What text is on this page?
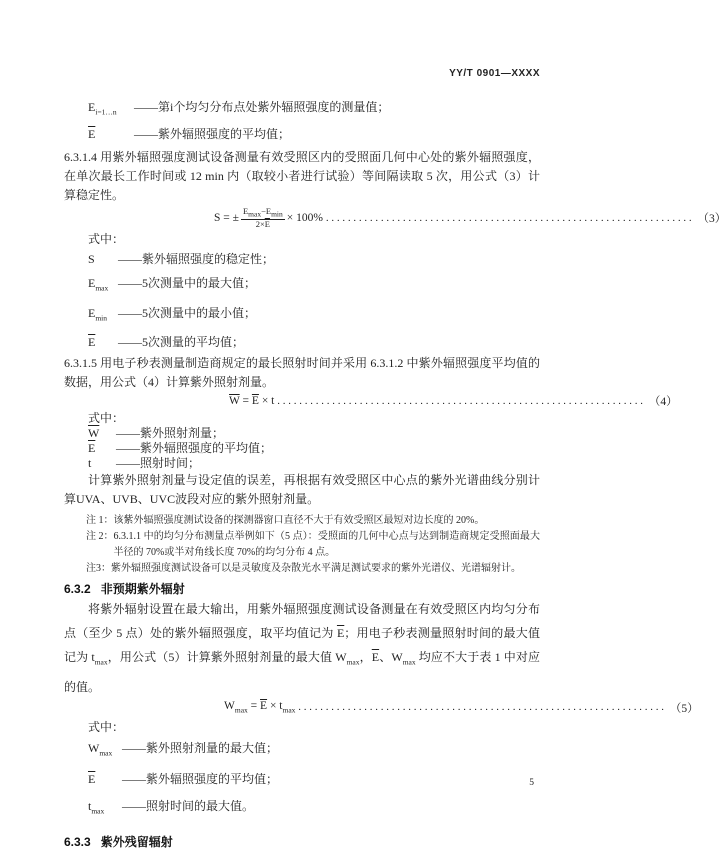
YY/T 0901—XXXX
$E_{i=1\dots n}$	——第i个均匀分布点处紫外辐照强度的测量值；
$\overline{E}$	——紫外辐照强度的平均值；

6.3.1.4 用紫外辐照强度测试设备测量有效受照区内的受照面几何中心处的紫外辐照强度，在单次最长工作时间或 12 min 内（取较小者进行试验）等间隔读取 5 次，用公式（3）计算稳定性。

S = ± $\frac{Emax-Emin}{2\times\overline{E}} \times 100\%$ ................................................................... （3）
式中：
S	——紫外辐照强度的稳定性；
$E_{max}$ ——5次测量中的最大值；
$E_{min}$ ——5次测量中的最小值；
$\overline{E}$	——5次测量的平均值；

6.3.1.5 用电子秒表测量制造商规定的最长照射时间并采用 6.3.1.2 中紫外辐照强度平均值的数据，用公式（4）计算紫外照射剂量。

$\overline{W} = \overline{E} \times t$ ................................................................... （4）
式中：
$\overline{W}$	——紫外照射剂量；
$\overline{E}$	——紫外辐照强度的平均值；
t	——照射时间；

计算紫外照射剂量与设定值的误差，再根据有效受照区中心点的紫外光谱曲线分别计算UVA、UVB、UVC波段对应的紫外照射剂量。

注 1： 该紫外辐照强度测试设备的探测器窗口直径不大于有效受照区最短对边长度的 20%。
注 2： 6.3.1.1 中的均匀分布测量点举例如下（5 点）：受照面的几何中心点与达到制造商规定受照面最大半径的 70%或半对角线长度 70%的均匀分布 4 点。
注3： 紫外辐照强度测试设备可以是灵敏度及杂散光水平满足测试要求的紫外光谱仪、光谱辐射计。
6.3.2 非预期紫外辐射

将紫外辐射设置在最大输出，用紫外辐照强度测试设备测量在有效受照区内均匀分布点（至少 5 点）处的紫外辐照强度，取平均值记为 $\overline{E}$；用电子秒表测量照射时间的最大值记为 $t_{max}$，用公式（5）计算紫外照射剂量的最大值 $W_{max}$，$\overline{E}$、$W_{max}$ 均应不大于表 1 中对应的值。

$W_{max} = \overline{E} \times t_{max}$ ................................................................... （5）
式中：
$W_{max}$ ——紫外照射剂量的最大值；
$\overline{E}$	——紫外辐照强度的平均值；
$t_{max}$	——照射时间的最大值。
6.3.3 紫外残留辐射
5
